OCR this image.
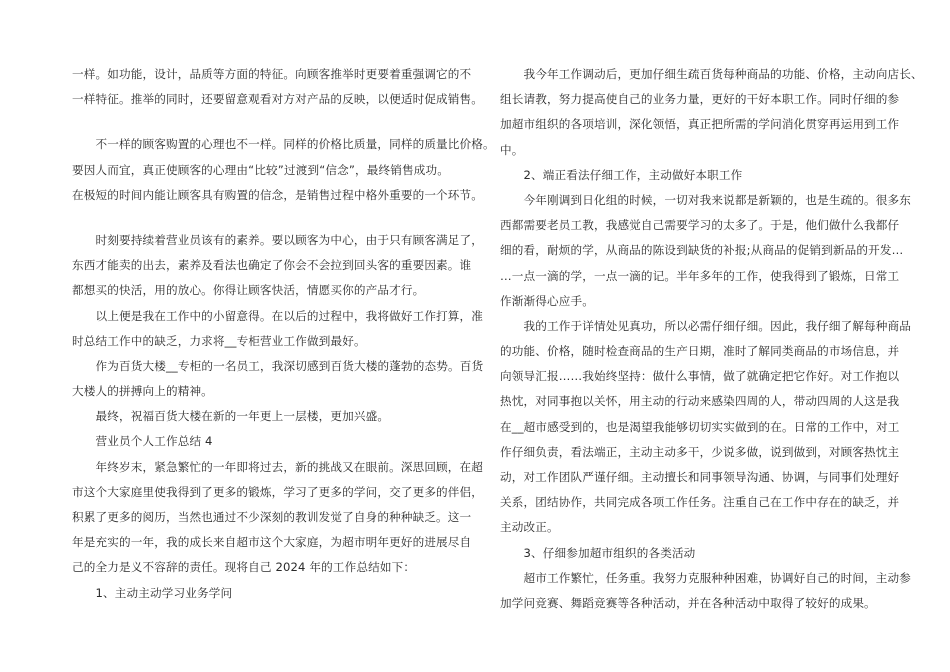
一样。如功能，设计，品质等方面的特征。向顾客推举时更要着重强调它的不
一样特征。推举的同时，还要留意观看对方对产品的反映，以便适时促成销售。
　　不一样的顾客购置的心理也不一样。同样的价格比质量，同样的质量比价格。
要因人而宜，真正使顾客的心理由“比较”过渡到“信念”，最终销售成功。
在极短的时间内能让顾客具有购置的信念，是销售过程中格外重要的一个环节。
　　时刻要持续着营业员该有的素养。要以顾客为中心，由于只有顾客满足了，
东西才能卖的出去，素养及看法也确定了你会不会拉到回头客的重要因素。谁
都想买的快活，用的放心。你得让顾客快活，情愿买你的产品才行。
　　以上便是我在工作中的小留意得。在以后的过程中，我将做好工作打算，准
时总结工作中的缺乏，力求将__专柜营业工作做到最好。
　　作为百货大楼__专柜的一名员工，我深切感到百货大楼的蓬勃的态势。百货
大楼人的拼搏向上的精神。
　　最终，祝福百货大楼在新的一年更上一层楼，更加兴盛。
　　营业员个人工作总结 4
　　年终岁末，紧急繁忙的一年即将过去，新的挑战又在眼前。深思回顾，在超
市这个大家庭里使我得到了更多的锻炼，学习了更多的学问，交了更多的伴侣，
积累了更多的阅历，当然也通过不少深刻的教训发觉了自身的种种缺乏。这一
年是充实的一年，我的成长来自超市这个大家庭，为超市明年更好的进展尽自
己的全力是义不容辞的责任。现将自己 2024 年的工作总结如下：
　　1、主动主动学习业务学问
　　我今年工作调动后，更加仔细生疏百货每种商品的功能、价格，主动向店长、
组长请教，努力提高使自己的业务力量，更好的干好本职工作。同时仔细的参
加超市组织的各项培训，深化领悟，真正把所需的学问消化贯穿再运用到工作
中。
　　2、端正看法仔细工作，主动做好本职工作
　　今年刚调到日化组的时候，一切对我来说都是新颖的，也是生疏的。很多东
西都需要老员工教，我感觉自己需要学习的太多了。于是，他们做什么我都仔
细的看，耐烦的学，从商品的陈设到缺货的补报;从商品的促销到新品的开发…
…一点一滴的学，一点一滴的记。半年多年的工作，使我得到了锻炼，日常工
作渐渐得心应手。
　　我的工作于详情处见真功，所以必需仔细仔细。因此，我仔细了解每种商品
的功能、价格，随时检查商品的生产日期，准时了解同类商品的市场信息，并
向领导汇报……我始终坚持：做什么事情，做了就确定把它作好。对工作抱以
热忱，对同事抱以关怀，用主动的行动来感染四周的人，带动四周的人这是我
在__超市感受到的，也是渴望我能够切切实实做到的在。日常的工作中，对工
作仔细负责，看法端正，主动主动多干，少说多做，说到做到，对顾客热忱主
动，对工作团队严谨仔细。主动擅长和同事领导沟通、协调，与同事们处理好
关系，团结协作，共同完成各项工作任务。注重自己在工作中存在的缺乏，并
主动改正。
　　3、仔细参加超市组织的各类活动
　　超市工作繁忙，任务重。我努力克服种种困难，协调好自己的时间，主动参
加学问竞赛、舞蹈竞赛等各种活动，并在各种活动中取得了较好的成果。
